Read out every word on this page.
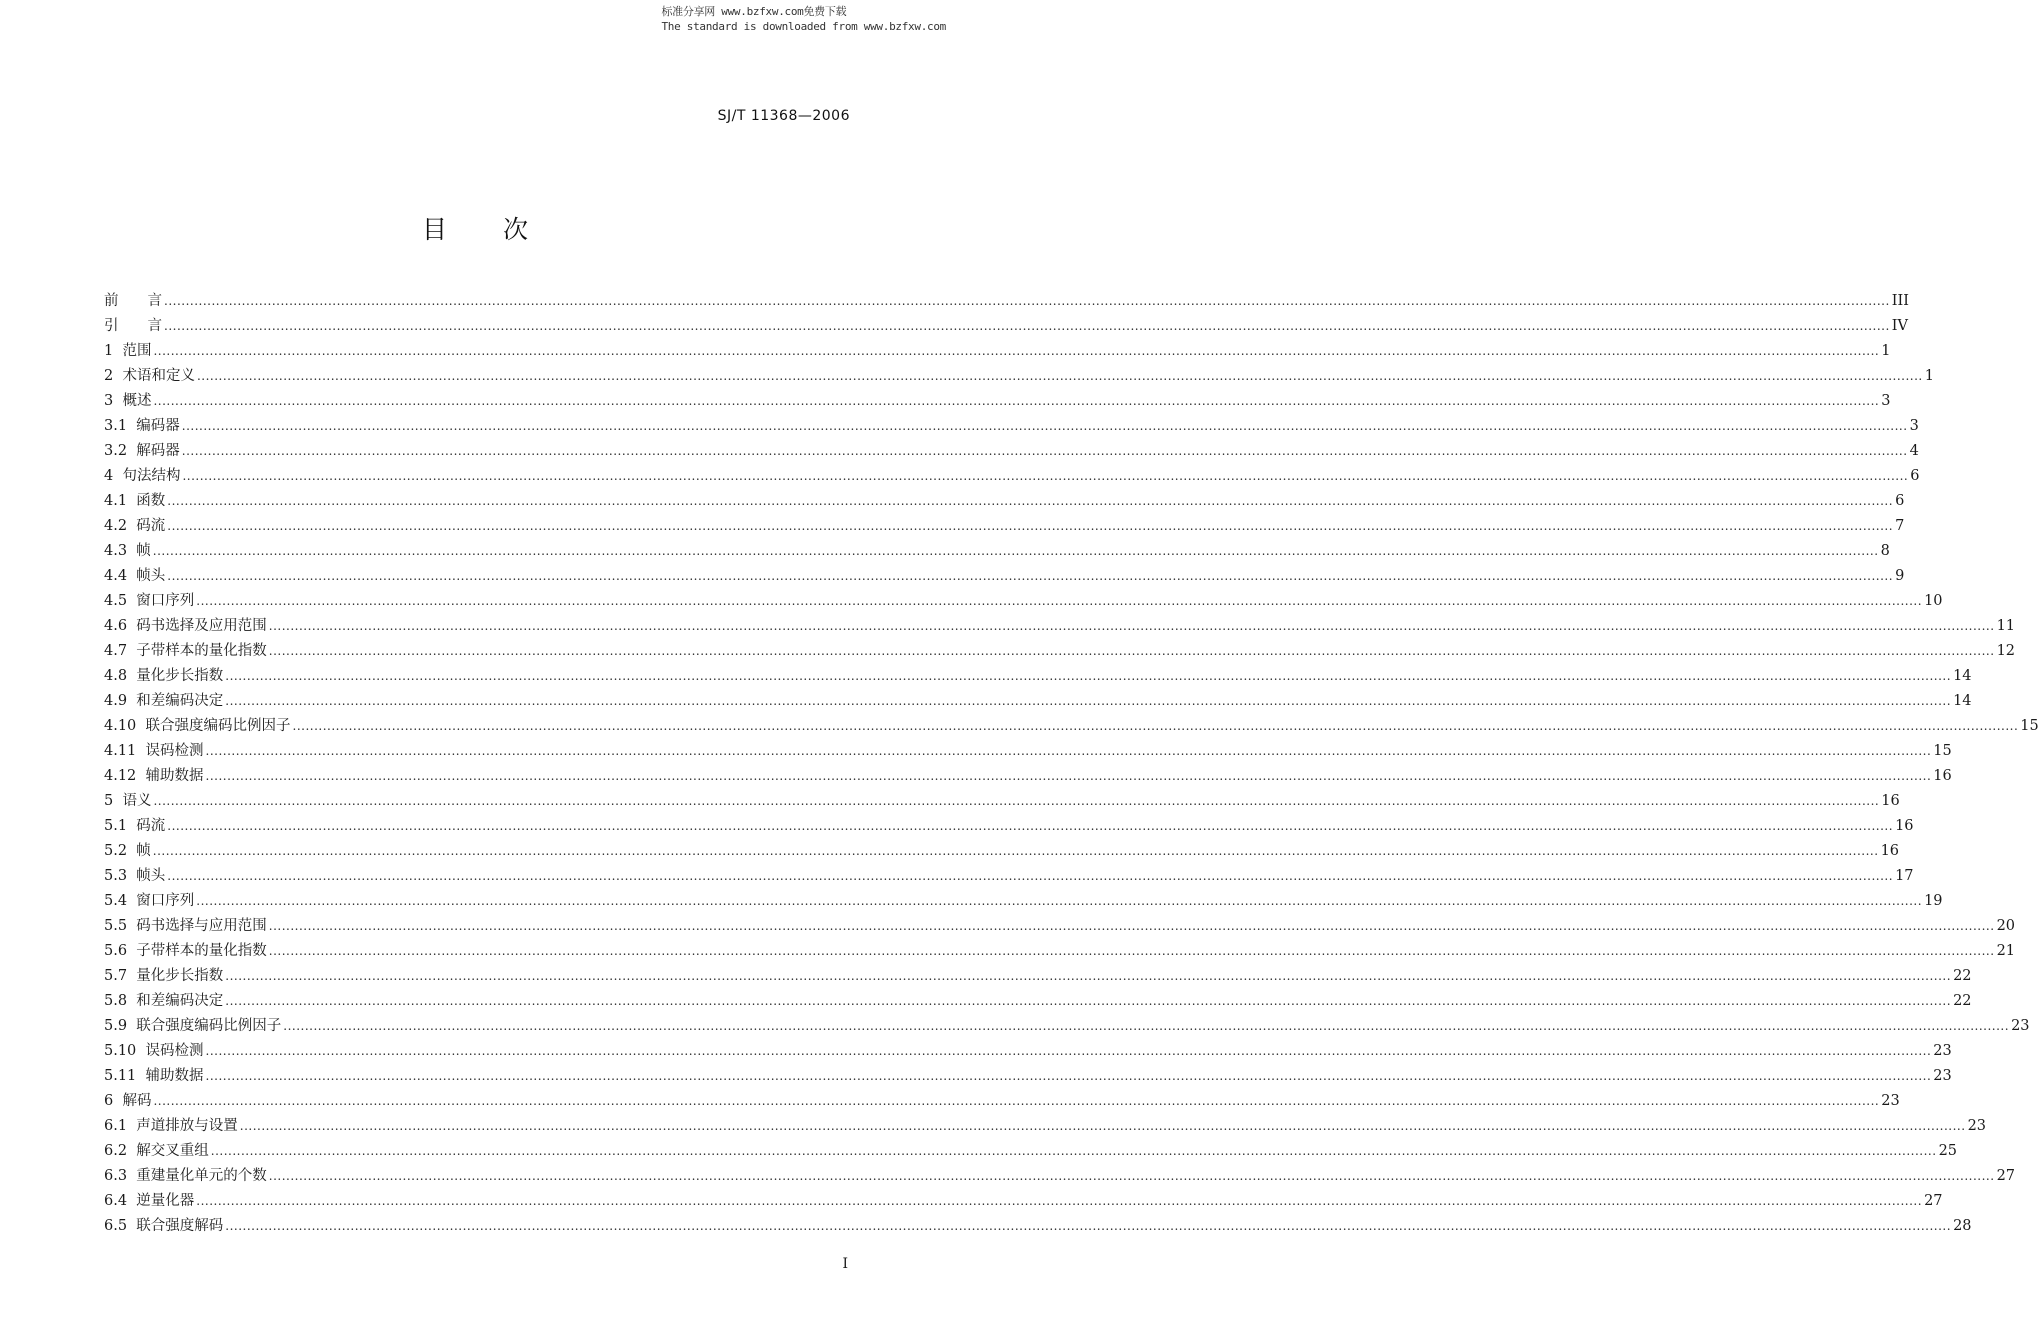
标准分享网 www.bzfxw.com免费下载
The standard is downloaded from www.bzfxw.com
SJ/T 11368—2006
目 次
前　　言 ................................................................................................................................................................................................................................................................................................................................................................................................................ III
引　　言 ................................................................................................................................................................................................................................................................................................................................................................................................................ IV
1  范围 ................................................................................................................................................................................................................................................................................................................................................................................................................ 1
2  术语和定义 ................................................................................................................................................................................................................................................................................................................................................................................................................ 1
3  概述 ................................................................................................................................................................................................................................................................................................................................................................................................................ 3
3.1  编码器 ................................................................................................................................................................................................................................................................................................................................................................................................................ 3
3.2  解码器 ................................................................................................................................................................................................................................................................................................................................................................................................................ 4
4  句法结构 ................................................................................................................................................................................................................................................................................................................................................................................................................ 6
4.1  函数 ................................................................................................................................................................................................................................................................................................................................................................................................................ 6
4.2  码流 ................................................................................................................................................................................................................................................................................................................................................................................................................ 7
4.3  帧 ................................................................................................................................................................................................................................................................................................................................................................................................................ 8
4.4  帧头 ................................................................................................................................................................................................................................................................................................................................................................................................................ 9
4.5  窗口序列 ................................................................................................................................................................................................................................................................................................................................................................................................................ 10
4.6  码书选择及应用范围 ................................................................................................................................................................................................................................................................................................................................................................................................................ 11
4.7  子带样本的量化指数 ................................................................................................................................................................................................................................................................................................................................................................................................................ 12
4.8  量化步长指数 ................................................................................................................................................................................................................................................................................................................................................................................................................ 14
4.9  和差编码决定 ................................................................................................................................................................................................................................................................................................................................................................................................................ 14
4.10  联合强度编码比例因子 ................................................................................................................................................................................................................................................................................................................................................................................................................ 15
4.11  误码检测 ................................................................................................................................................................................................................................................................................................................................................................................................................ 15
4.12  辅助数据 ................................................................................................................................................................................................................................................................................................................................................................................................................ 16
5  语义 ................................................................................................................................................................................................................................................................................................................................................................................................................ 16
5.1  码流 ................................................................................................................................................................................................................................................................................................................................................................................................................ 16
5.2  帧 ................................................................................................................................................................................................................................................................................................................................................................................................................ 16
5.3  帧头 ................................................................................................................................................................................................................................................................................................................................................................................................................ 17
5.4  窗口序列 ................................................................................................................................................................................................................................................................................................................................................................................................................ 19
5.5  码书选择与应用范围 ................................................................................................................................................................................................................................................................................................................................................................................................................ 20
5.6  子带样本的量化指数 ................................................................................................................................................................................................................................................................................................................................................................................................................ 21
5.7  量化步长指数 ................................................................................................................................................................................................................................................................................................................................................................................................................ 22
5.8  和差编码决定 ................................................................................................................................................................................................................................................................................................................................................................................................................ 22
5.9  联合强度编码比例因子 ................................................................................................................................................................................................................................................................................................................................................................................................................ 23
5.10  误码检测 ................................................................................................................................................................................................................................................................................................................................................................................................................ 23
5.11  辅助数据 ................................................................................................................................................................................................................................................................................................................................................................................................................ 23
6  解码 ................................................................................................................................................................................................................................................................................................................................................................................................................ 23
6.1  声道排放与设置 ................................................................................................................................................................................................................................................................................................................................................................................................................ 23
6.2  解交叉重组 ................................................................................................................................................................................................................................................................................................................................................................................................................ 25
6.3  重建量化单元的个数 ................................................................................................................................................................................................................................................................................................................................................................................................................ 27
6.4  逆量化器 ................................................................................................................................................................................................................................................................................................................................................................................................................ 27
6.5  联合强度解码 ................................................................................................................................................................................................................................................................................................................................................................................................................ 28
I
